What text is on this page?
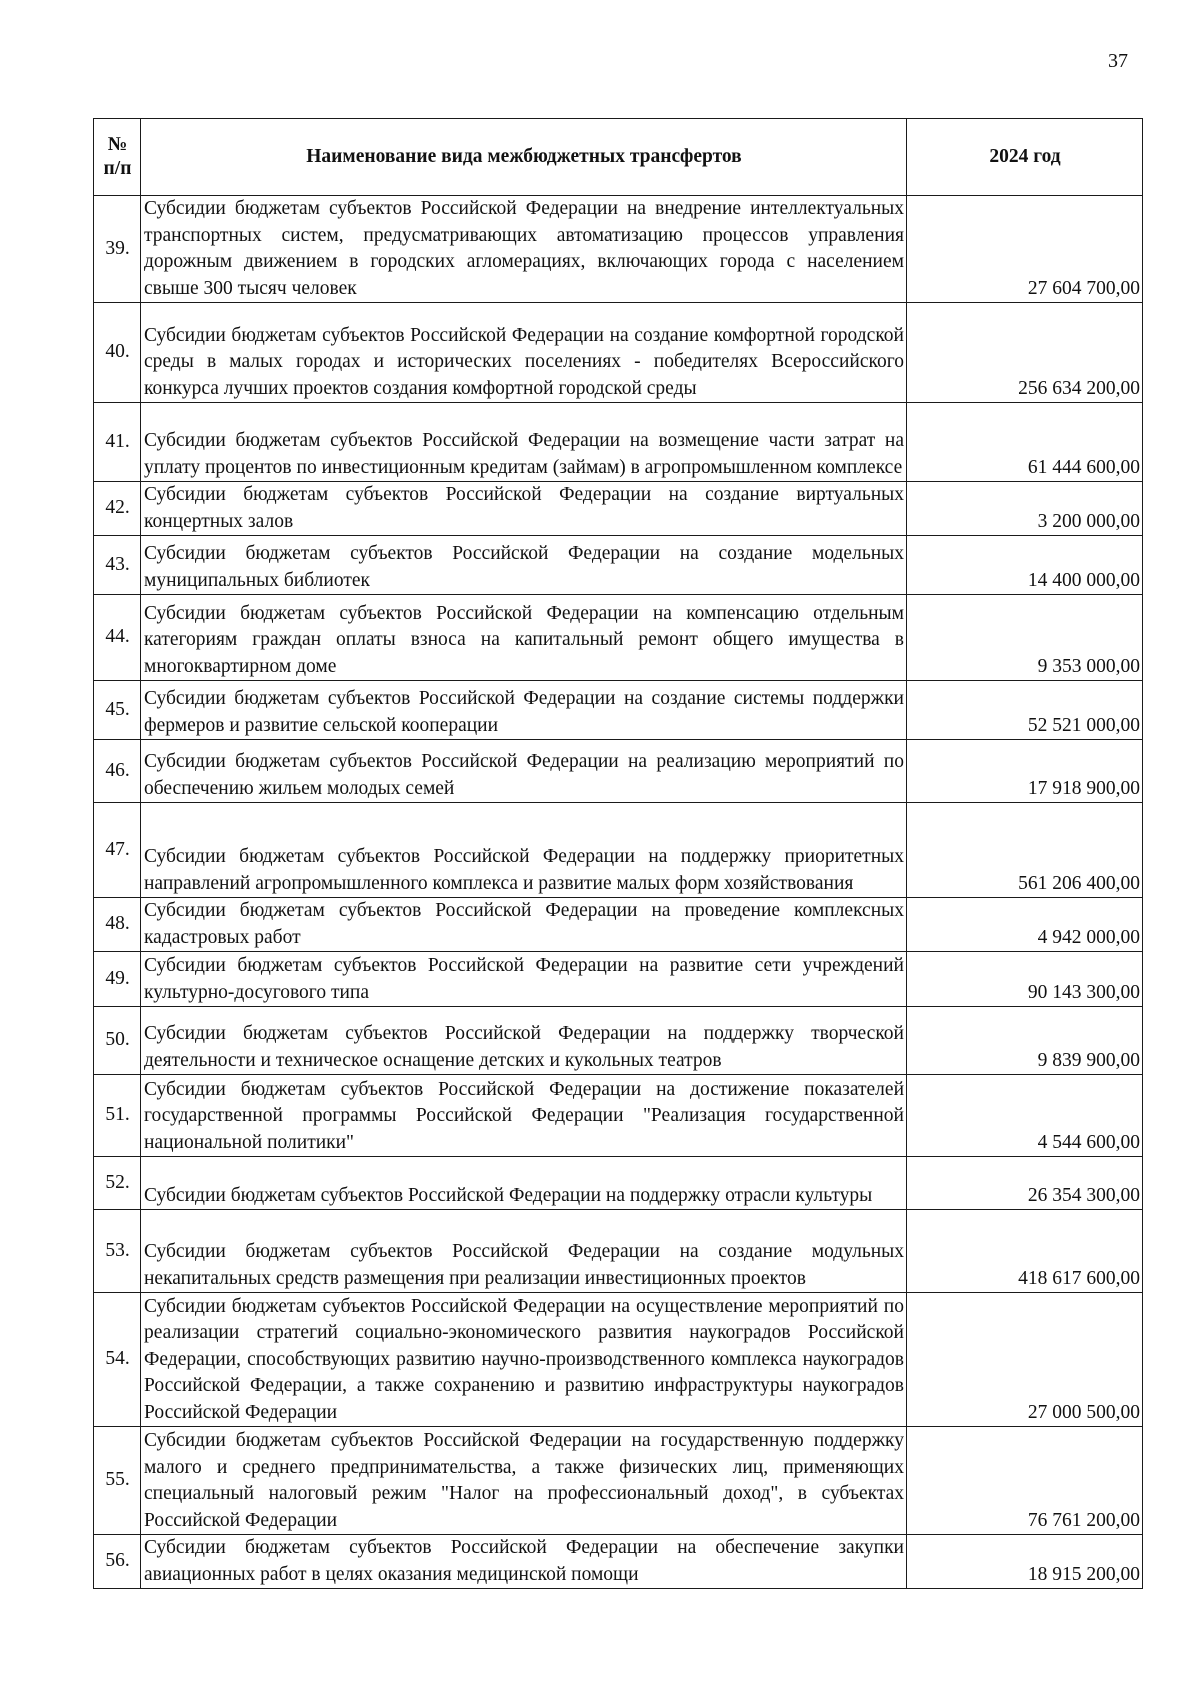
37
№ п/п	Наименование вида межбюджетных трансфертов	2024 год
39.	Субсидии бюджетам субъектов Российской Федерации на внедрение интеллектуальных транспортных систем, предусматривающих автоматизацию процессов управления дорожным движением в городских агломерациях, включающих города с населением свыше 300 тысяч человек	27 604 700,00
40.	Субсидии бюджетам субъектов Российской Федерации на создание комфортной городской среды в малых городах и исторических поселениях - победителях Всероссийского конкурса лучших проектов создания комфортной городской среды	256 634 200,00
41.	Субсидии бюджетам субъектов Российской Федерации на возмещение части затрат на уплату процентов по инвестиционным кредитам (займам) в агропромышленном комплексе	61 444 600,00
42.	Субсидии бюджетам субъектов Российской Федерации на создание виртуальных концертных залов	3 200 000,00
43.	Субсидии бюджетам субъектов Российской Федерации на создание модельных муниципальных библиотек	14 400 000,00
44.	Субсидии бюджетам субъектов Российской Федерации на компенсацию отдельным категориям граждан оплаты взноса на капитальный ремонт общего имущества в многоквартирном доме	9 353 000,00
45.	Субсидии бюджетам субъектов Российской Федерации на создание системы поддержки фермеров и развитие сельской кооперации	52 521 000,00
46.	Субсидии бюджетам субъектов Российской Федерации на реализацию мероприятий по обеспечению жильем молодых семей	17 918 900,00
47.	Субсидии бюджетам субъектов Российской Федерации на поддержку приоритетных направлений агропромышленного комплекса и развитие малых форм хозяйствования	561 206 400,00
48.	Субсидии бюджетам субъектов Российской Федерации на проведение комплексных кадастровых работ	4 942 000,00
49.	Субсидии бюджетам субъектов Российской Федерации на развитие сети учреждений культурно-досугового типа	90 143 300,00
50.	Субсидии бюджетам субъектов Российской Федерации на поддержку творческой деятельности и техническое оснащение детских и кукольных театров	9 839 900,00
51.	Субсидии бюджетам субъектов Российской Федерации на достижение показателей государственной программы Российской Федерации "Реализация государственной национальной политики"	4 544 600,00
52.	Субсидии бюджетам субъектов Российской Федерации на поддержку отрасли культуры	26 354 300,00
53.	Субсидии бюджетам субъектов Российской Федерации на создание модульных некапитальных средств размещения при реализации инвестиционных проектов	418 617 600,00
54.	Субсидии бюджетам субъектов Российской Федерации на осуществление мероприятий по реализации стратегий социально-экономического развития наукоградов Российской Федерации, способствующих развитию научно-производственного комплекса наукоградов Российской Федерации, а также сохранению и развитию инфраструктуры наукоградов Российской Федерации	27 000 500,00
55.	Субсидии бюджетам субъектов Российской Федерации на государственную поддержку малого и среднего предпринимательства, а также физических лиц, применяющих специальный налоговый режим "Налог на профессиональный доход", в субъектах Российской Федерации	76 761 200,00
56.	Субсидии бюджетам субъектов Российской Федерации на обеспечение закупки авиационных работ в целях оказания медицинской помощи	18 915 200,00
